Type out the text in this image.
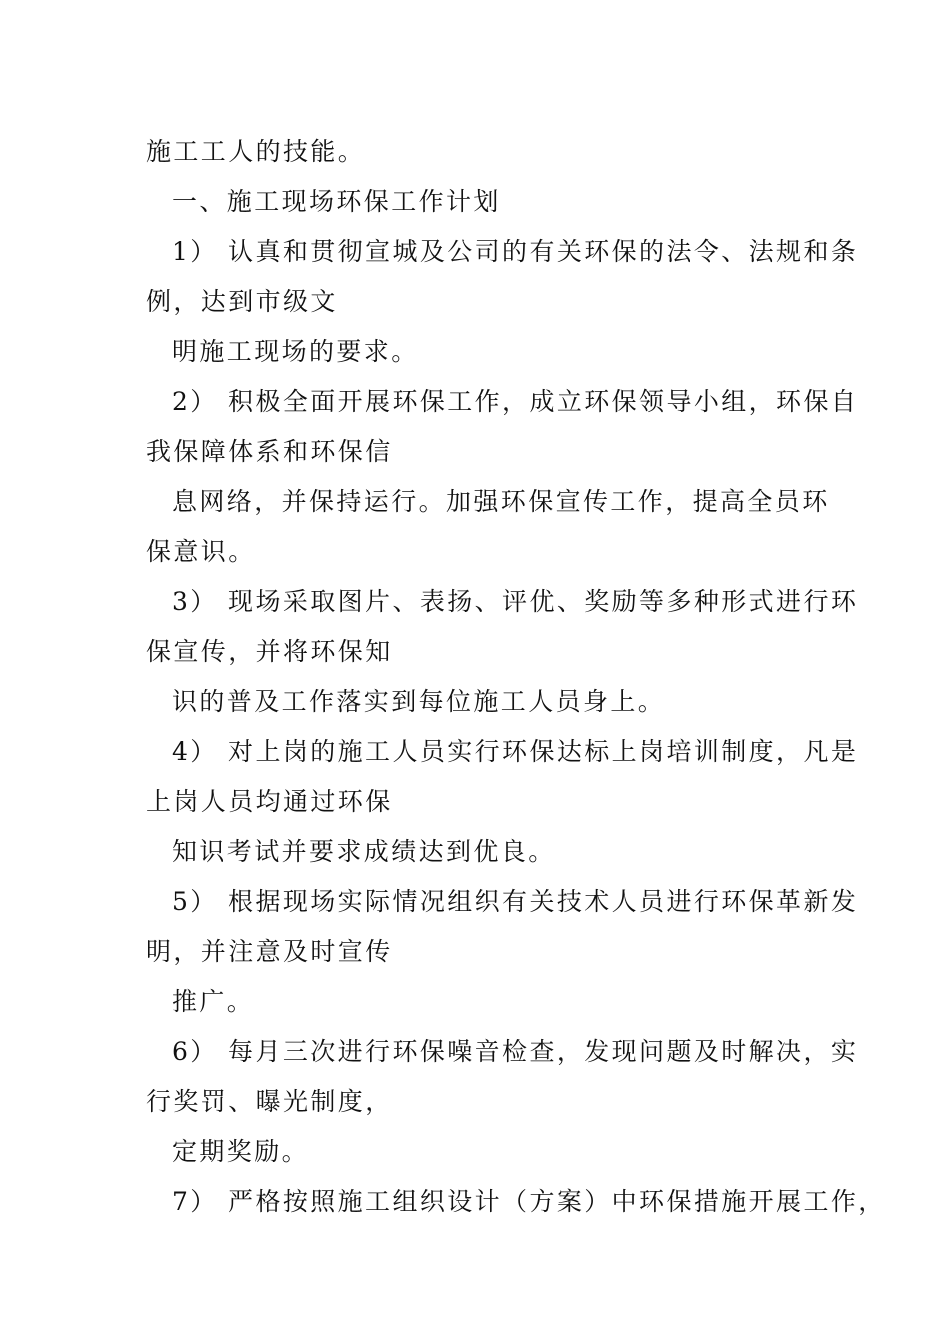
施工工人的技能。
一、施工现场环保工作计划
1） 认真和贯彻宣城及公司的有关环保的法令、法规和条
例，达到市级文
明施工现场的要求。
2） 积极全面开展环保工作，成立环保领导小组，环保自
我保障体系和环保信
息网络，并保持运行。加强环保宣传工作，提高全员环
保意识。
3） 现场采取图片、表扬、评优、奖励等多种形式进行环
保宣传，并将环保知
识的普及工作落实到每位施工人员身上。
4） 对上岗的施工人员实行环保达标上岗培训制度，凡是
上岗人员均通过环保
知识考试并要求成绩达到优良。
5） 根据现场实际情况组织有关技术人员进行环保革新发
明，并注意及时宣传
推广。
6） 每月三次进行环保噪音检查，发现问题及时解决，实
行奖罚、曝光制度，
定期奖励。
7） 严格按照施工组织设计（方案）中环保措施开展工作，
